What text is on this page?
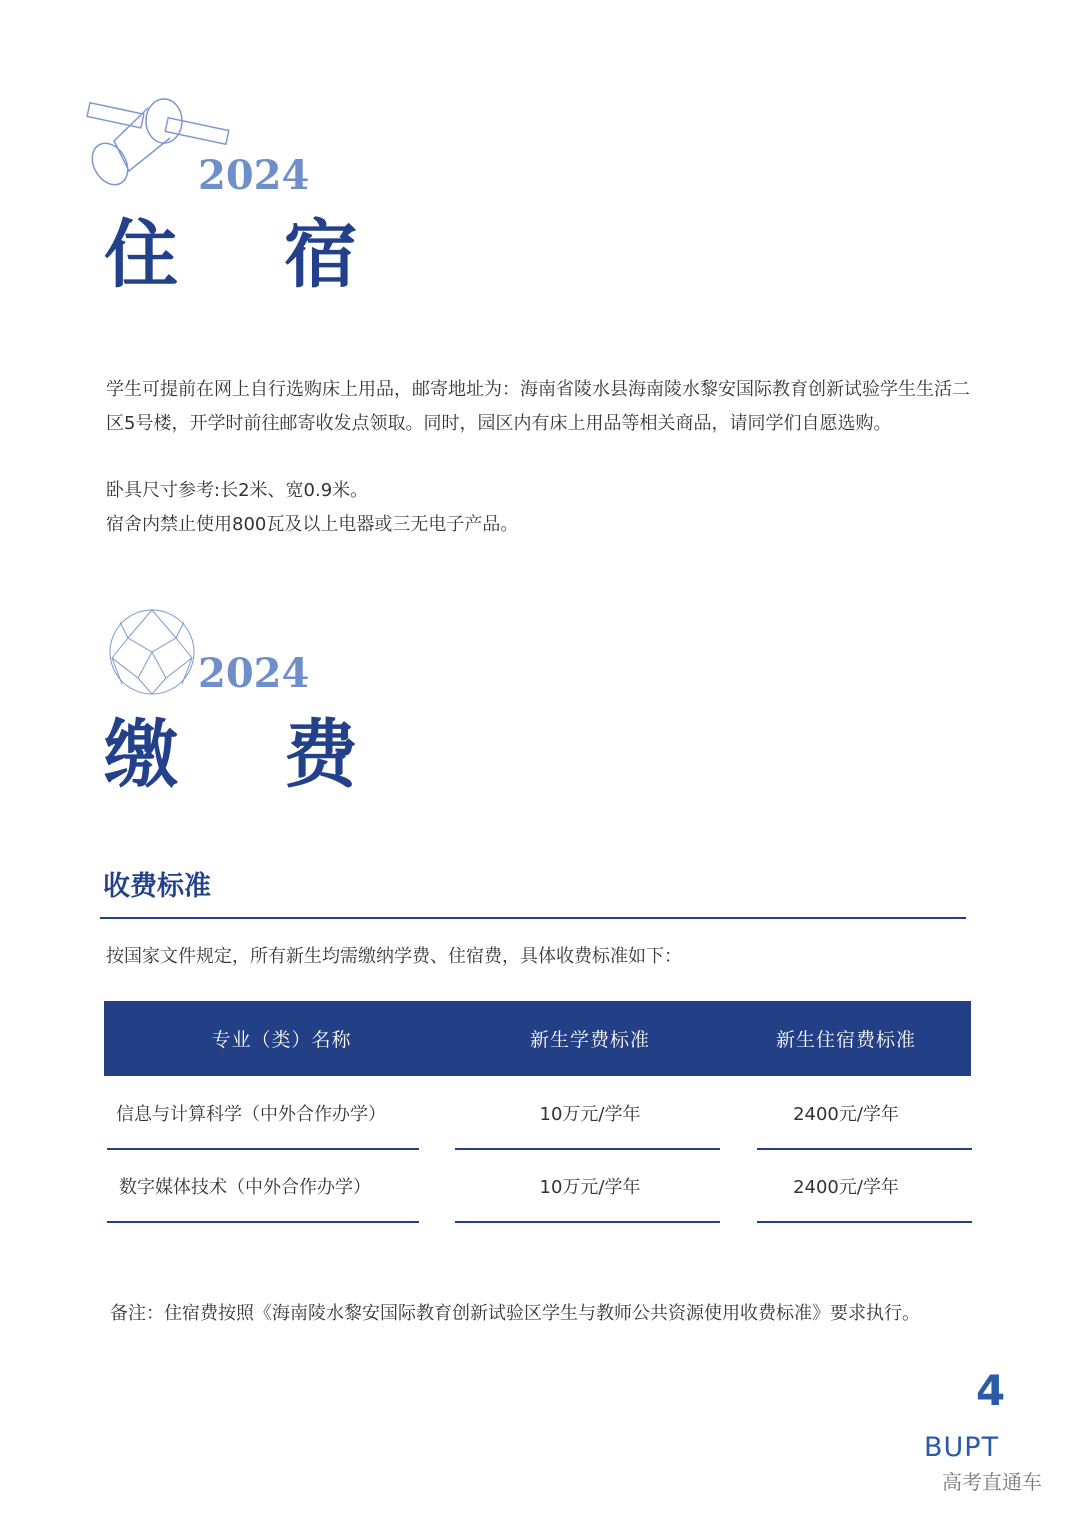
2024
住 宿
学生可提前在网上自行选购床上用品，邮寄地址为：海南省陵水县海南陵水黎安国际教育创新试验学生生活二区5号楼，开学时前往邮寄收发点领取。同时，园区内有床上用品等相关商品，请同学们自愿选购。
卧具尺寸参考:长2米、宽0.9米。
宿舍内禁止使用800瓦及以上电器或三无电子产品。
2024
缴 费
收费标准
按国家文件规定，所有新生均需缴纳学费、住宿费，具体收费标准如下：
专业（类）名称	新生学费标准	新生住宿费标准
信息与计算科学（中外合作办学）	10万元/学年	2400元/学年
数字媒体技术（中外合作办学）	10万元/学年	2400元/学年
备注：住宿费按照《海南陵水黎安国际教育创新试验区学生与教师公共资源使用收费标准》要求执行。
4
BUPT
高考直通车
